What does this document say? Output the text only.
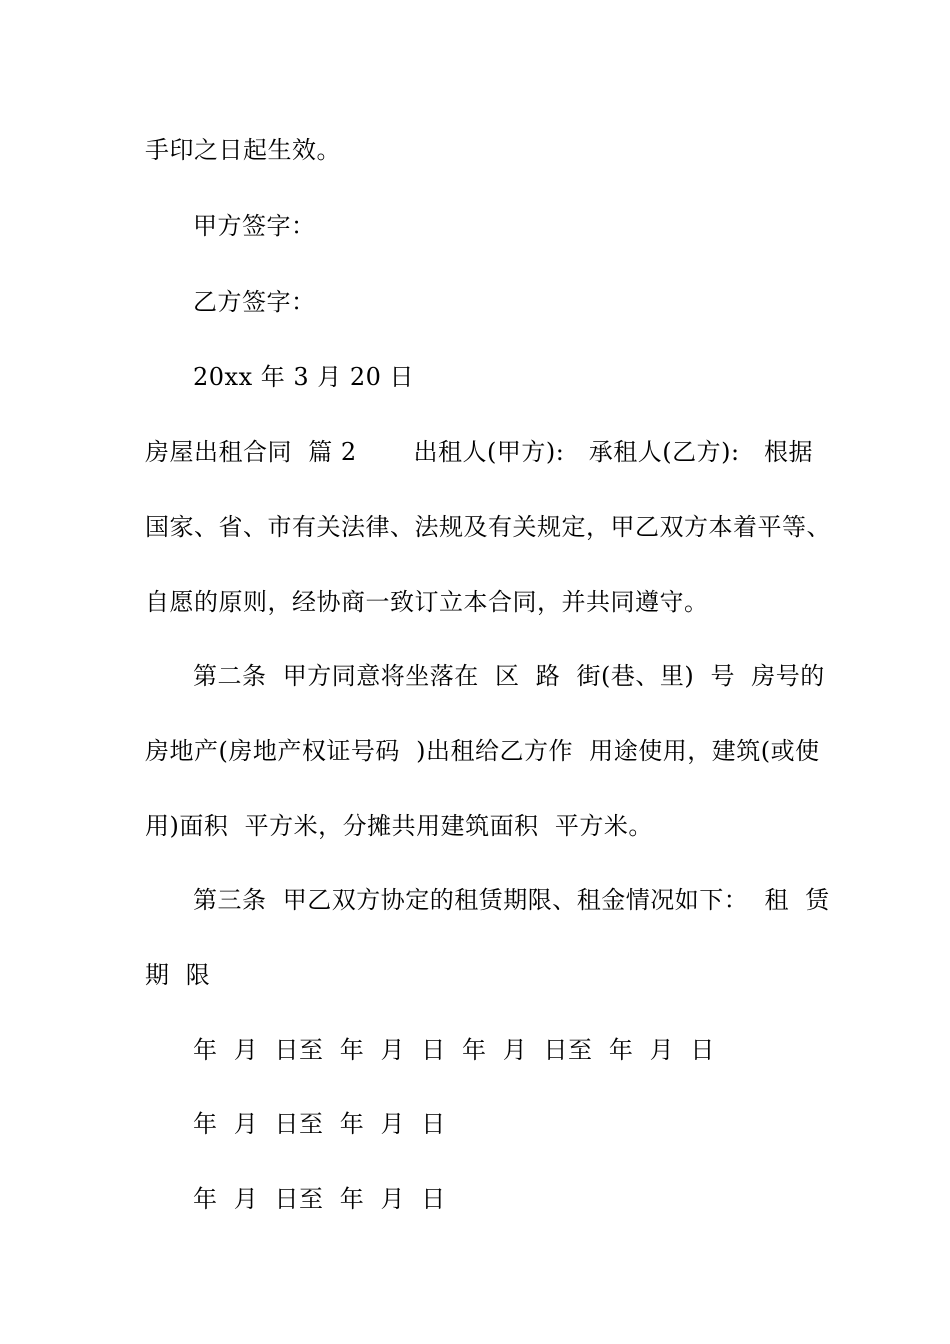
手印之日起生效。
甲方签字：
乙方签字：
20xx 年 3 月 20 日
房屋出租合同  篇 2       出租人(甲方):   承租人(乙方):   根据
国家、省、市有关法律、法规及有关规定，甲乙双方本着平等、
自愿的原则，经协商一致订立本合同，并共同遵守。
第二条  甲方同意将坐落在  区  路  街(巷、里)  号  房号的
房地产(房地产权证号码  )出租给乙方作  用途使用，建筑(或使
用)面积  平方米，分摊共用建筑面积  平方米。
第三条  甲乙双方协定的租赁期限、租金情况如下：  租  赁
期  限
年  月  日至  年  月  日  年  月  日至  年  月  日
年  月  日至  年  月  日
年  月  日至  年  月  日
